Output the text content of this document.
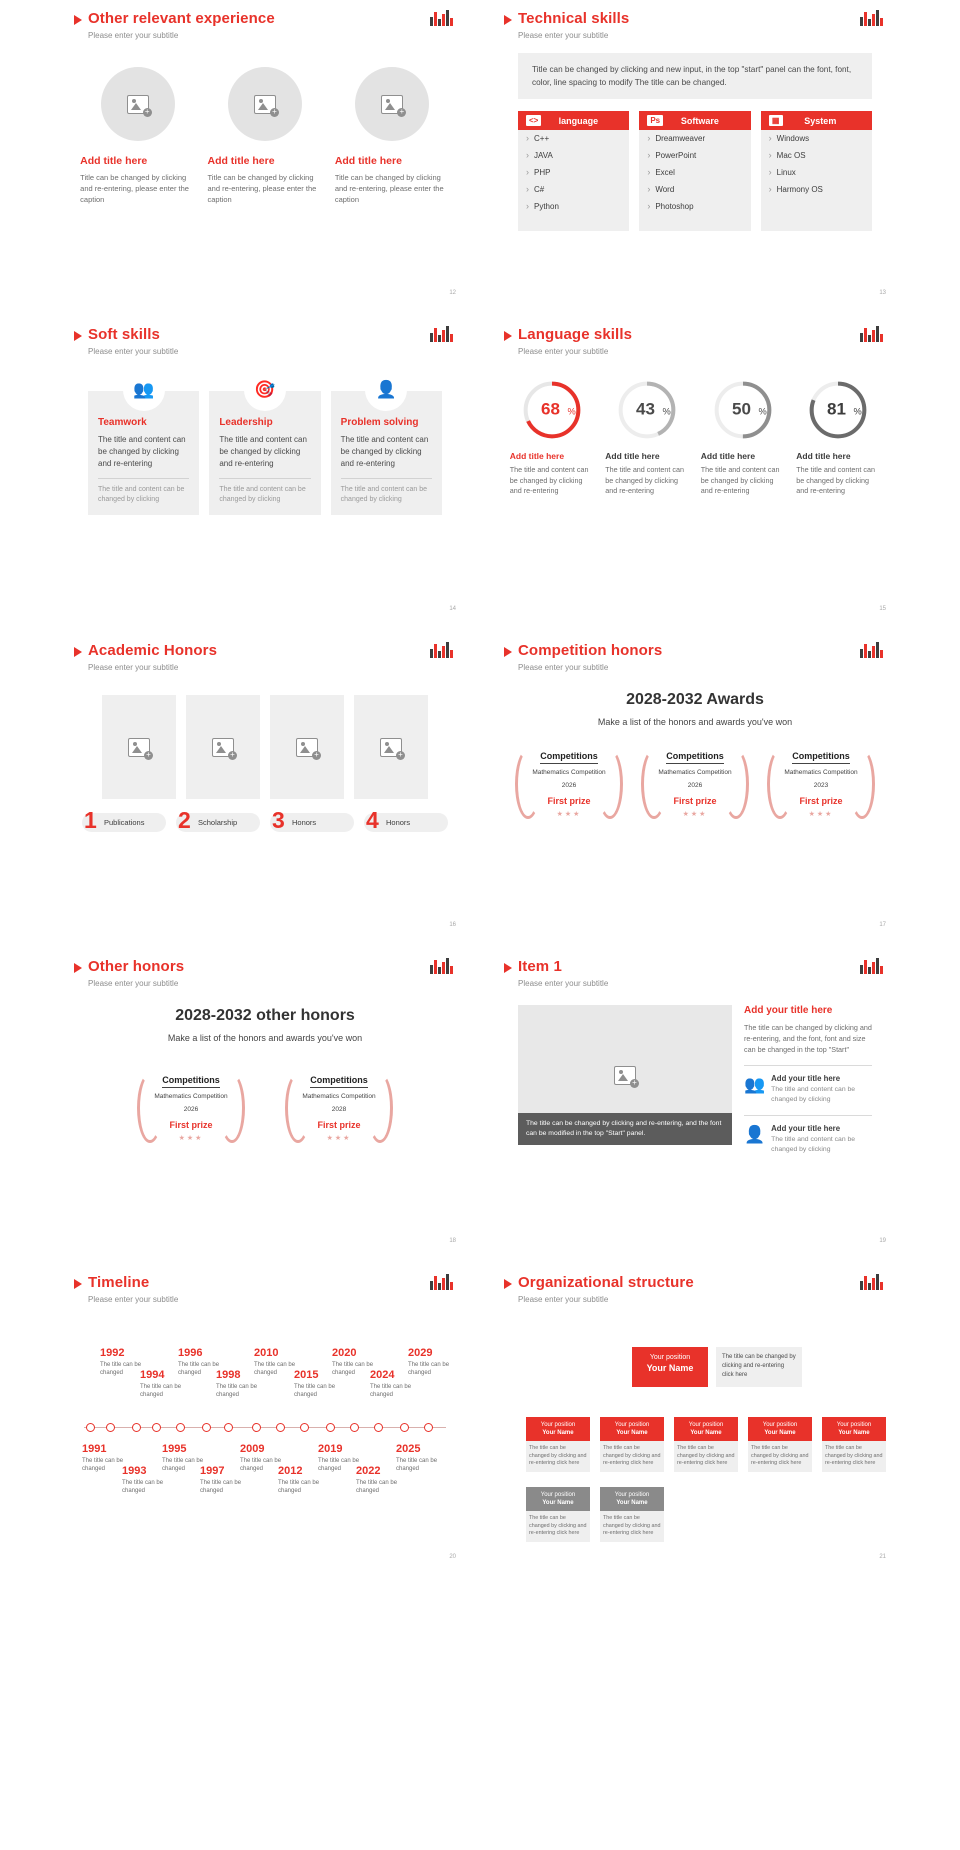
Other relevant experience
Please enter your subtitle
+
Add title here
Title can be changed by clicking and re-entering, please enter the caption
+
Add title here
Title can be changed by clicking and re-entering, please enter the caption
+
Add title here
Title can be changed by clicking and re-entering, please enter the caption
12
Technical skills
Please enter your subtitle
Title can be changed by clicking and new input, in the top "start" panel can the font, font, color, line spacing to modify The title can be changed.
<>	language
› C++
› JAVA
› PHP
› C#
› Python
Ps	Software
› Dreamweaver
› PowerPoint
› Excel
› Word
› Photoshop
▦	System
› Windows
› Mac OS
› Linux
› Harmony OS
13
Soft skills
Please enter your subtitle
👥
Teamwork
The title and content can be changed by clicking and re-entering
The title and content can be changed by clicking
🎯
Leadership
The title and content can be changed by clicking and re-entering
The title and content can be changed by clicking
👤
Problem solving
The title and content can be changed by clicking and re-entering
The title and content can be changed by clicking
14
Language skills
Please enter your subtitle
68 %
Add title here
The title and content can be changed by clicking and re-entering
43 %
Add title here
The title and content can be changed by clicking and re-entering
50 %
Add title here
The title and content can be changed by clicking and re-entering
81 %
Add title here
The title and content can be changed by clicking and re-entering
15
Academic Honors
Please enter your subtitle
+	+	+	+
1 Publications 2 Scholarship 3 Honors 4 Honors
16
Competition honors
Please enter your subtitle
2028-2032 Awards
Make a list of the honors and awards you've won
Competitions
Mathematics Competition
2026
First prize
★★★
Competitions
Mathematics Competition
2026
First prize
★★★
Competitions
Mathematics Competition
2023
First prize
★★★
17
Other honors
Please enter your subtitle
2028-2032 other honors
Make a list of the honors and awards you've won
Competitions
Mathematics Competition
2026
First prize
★★★
Competitions
Mathematics Competition
2028
First prize
★★★
18
Item 1
Please enter your subtitle
+
The title can be changed by clicking and re-entering, and the font can be modified in the top "Start" panel.
Add your title here
The title can be changed by clicking and re-entering, and the font, font and size can be changed in the top "Start"
👥 Add your title here
The title and content can be changed by clicking
👤 Add your title here
The title and content can be changed by clicking
19
Timeline
Please enter your subtitle
1992
The title can be changed	1994
The title can be changed
1996
The title can be changed	1998
The title can be changed
2010
The title can be changed	2015
The title can be changed
2020
The title can be changed	2024
The title can be changed
2029
The title can be changed
1991
The title can be changed	1993
The title can be changed
1995
The title can be changed	1997
The title can be changed
2009
The title can be changed	2012
The title can be changed
2019
The title can be changed	2022
The title can be changed
2025
The title can be changed
20
Organizational structure
Please enter your subtitle
Your position
Your Name
The title can be changed by clicking and re-entering click here
Your position
Your Name
The title can be changed by clicking and re-entering click here
Your position
Your Name
The title can be changed by clicking and re-entering click here
Your position
Your Name
The title can be changed by clicking and re-entering click here
Your position
Your Name
The title can be changed by clicking and re-entering click here
Your position
Your Name
The title can be changed by clicking and re-entering click here
Your position
Your Name
The title can be changed by clicking and re-entering click here
Your position
Your Name
The title can be changed by clicking and re-entering click here
21
